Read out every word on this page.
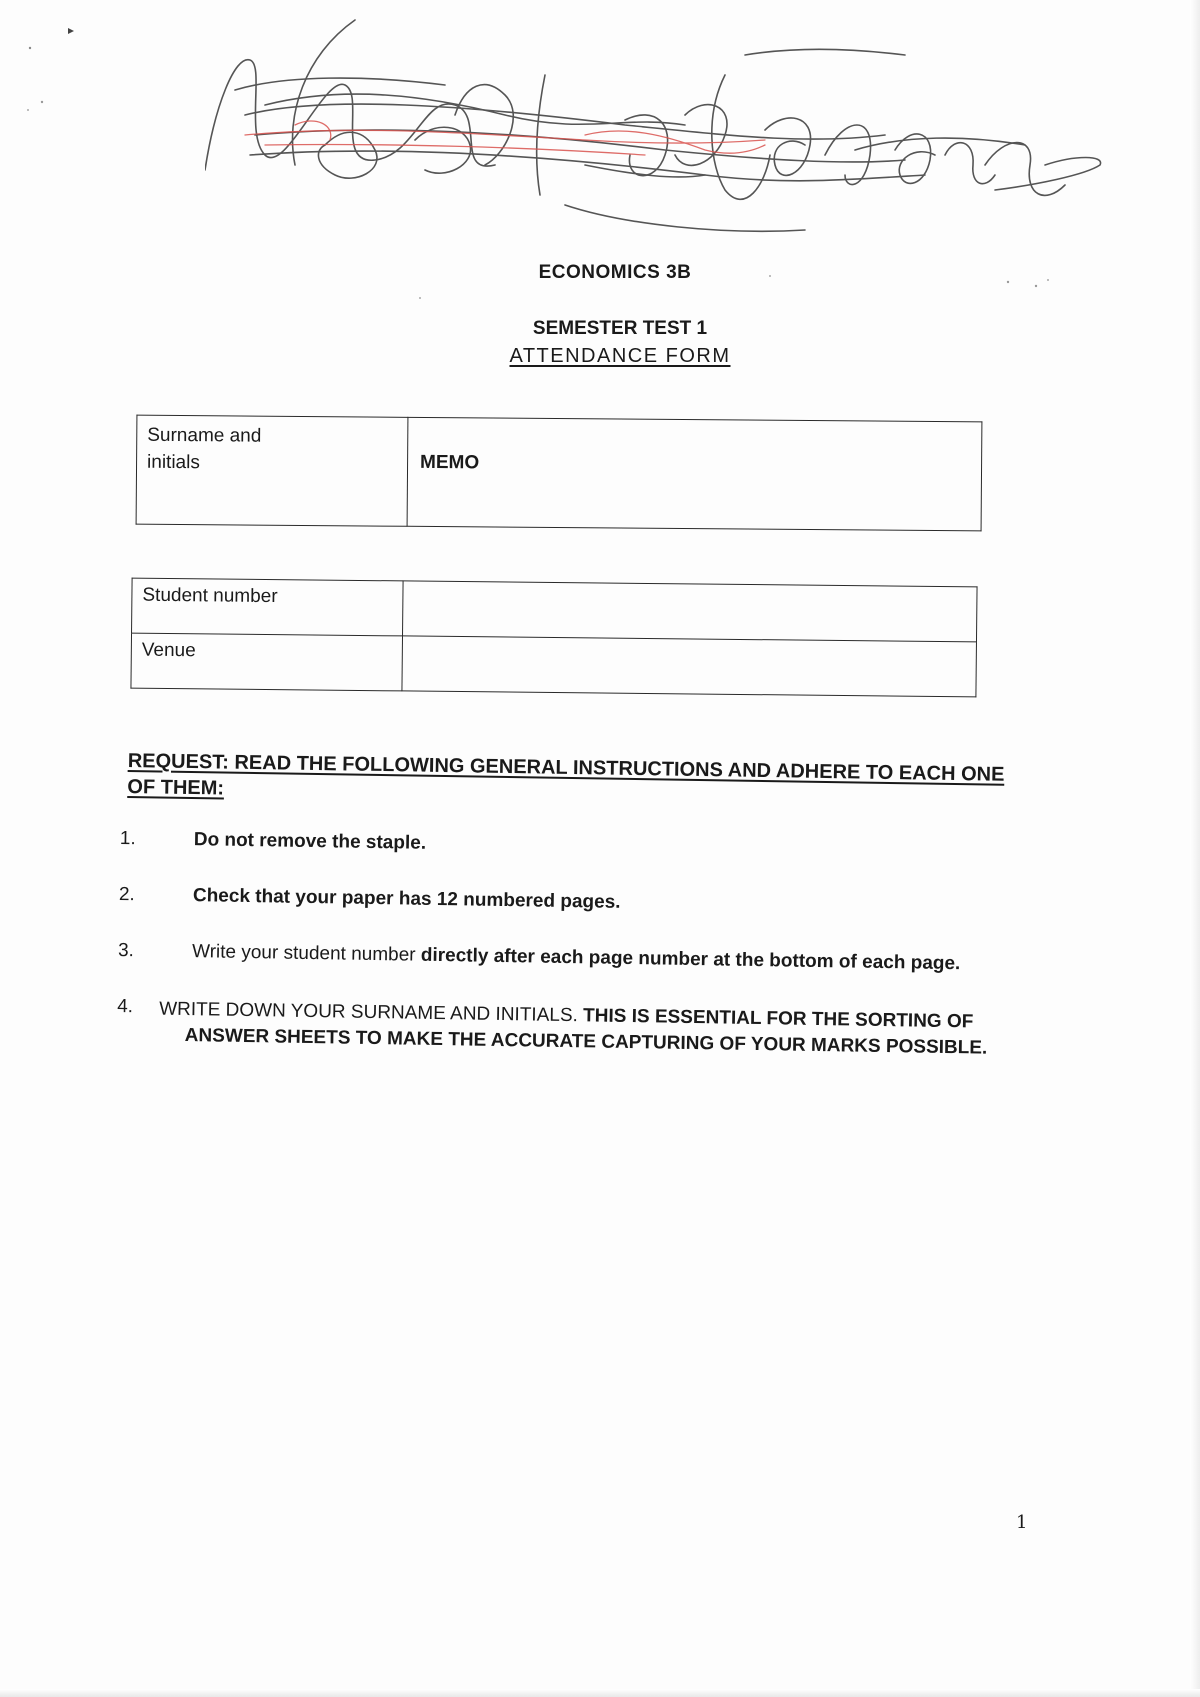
ECONOMICS 3B
SEMESTER TEST 1
ATTENDANCE FORM
Surname and
initials	MEMO
Student number	
Venue	
REQUEST: READ THE FOLLOWING GENERAL INSTRUCTIONS AND ADHERE TO EACH ONE OF THEM:
1.	Do not remove the staple.
2.	Check that your paper has 12 numbered pages.
3.	Write your student number directly after each page number at the bottom of each page.
4. WRITE DOWN YOUR SURNAME AND INITIALS. THIS IS ESSENTIAL FOR THE SORTING OF
ANSWER SHEETS TO MAKE THE ACCURATE CAPTURING OF YOUR MARKS POSSIBLE.
1
